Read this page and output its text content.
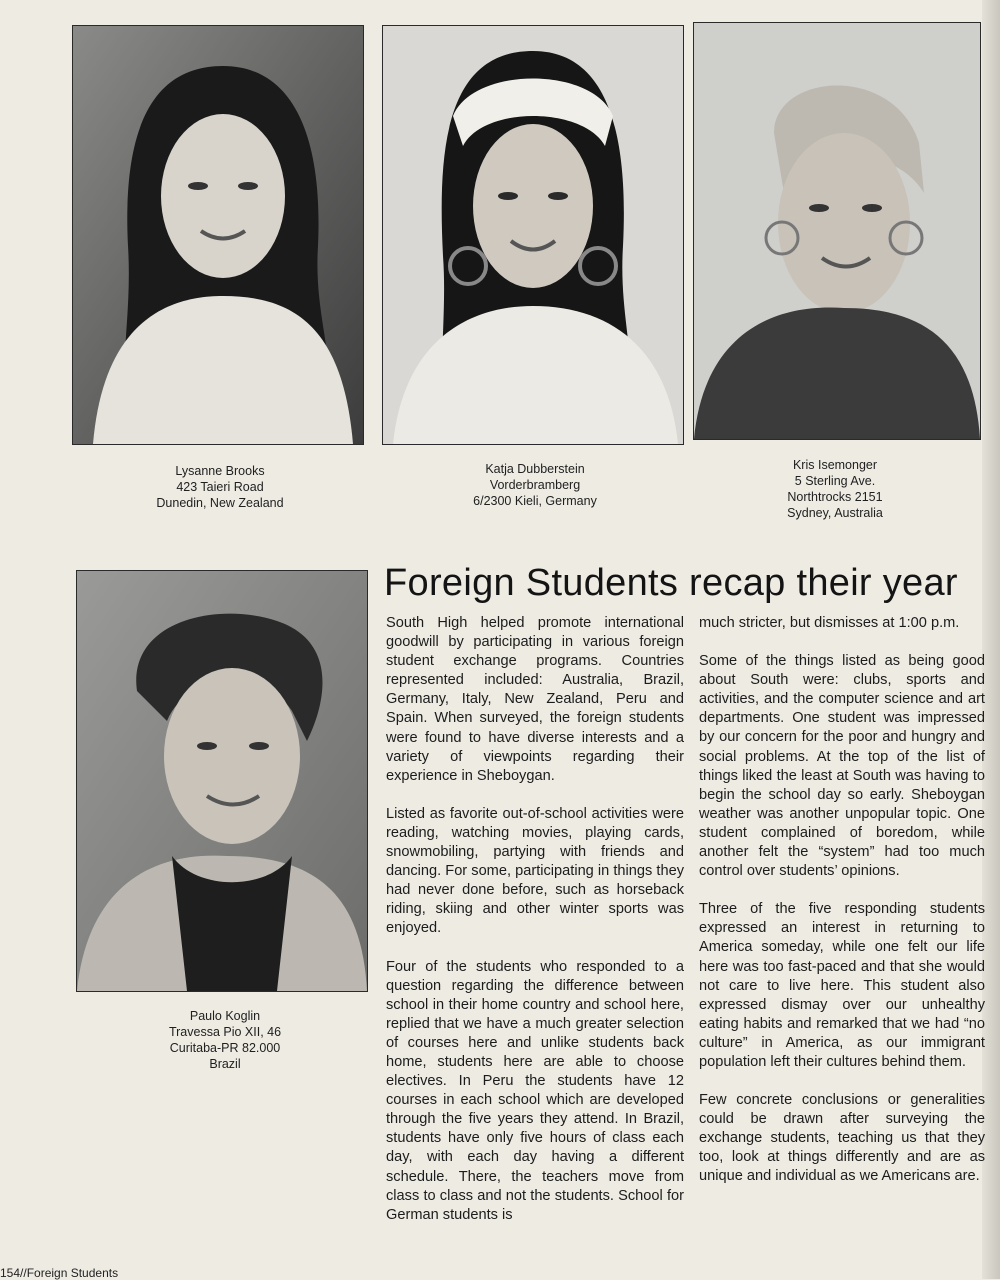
Lysanne Brooks
423 Taieri Road
Dunedin, New Zealand
Katja Dubberstein
Vorderbramberg
6/2300 Kieli, Germany
Kris Isemonger
5 Sterling Ave.
Northtrocks 2151
Sydney, Australia
Paulo Koglin
Travessa Pio XII, 46
Curitaba-PR 82.000
Brazil
Foreign Students recap their year

South High helped promote international goodwill by participating in various foreign student exchange programs. Countries represented included: Australia, Brazil, Germany, Italy, New Zealand, Peru and Spain. When surveyed, the foreign students were found to have diverse interests and a variety of viewpoints regarding their experience in Sheboygan.

Listed as favorite out-of-school activities were reading, watching movies, playing cards, snowmobiling, partying with friends and dancing. For some, participating in things they had never done before, such as horseback riding, skiing and other winter sports was enjoyed.

Four of the students who responded to a question regarding the difference between school in their home country and school here, replied that we have a much greater selection of courses here and unlike students back home, students here are able to choose electives. In Peru the students have 12 courses in each school which are developed through the five years they attend. In Brazil, students have only five hours of class each day, with each day having a different schedule. There, the teachers move from class to class and not the students. School for German students is

much stricter, but dismisses at 1:00 p.m.

Some of the things listed as being good about South were: clubs, sports and activities, and the computer science and art departments. One student was impressed by our concern for the poor and hungry and social problems. At the top of the list of things liked the least at South was having to begin the school day so early. Sheboygan weather was another unpopular topic. One student complained of boredom, while another felt the “system” had too much control over students’ opinions.

Three of the five responding students expressed an interest in returning to America someday, while one felt our life here was too fast-paced and that she would not care to live here. This student also expressed dismay over our unhealthy eating habits and remarked that we had “no culture” in America, as our immigrant population left their cultures behind them.

Few concrete conclusions or generalities could be drawn after surveying the exchange students, teaching us that they too, look at things differently and are as unique and individual as we Americans are.

154//Foreign Students
